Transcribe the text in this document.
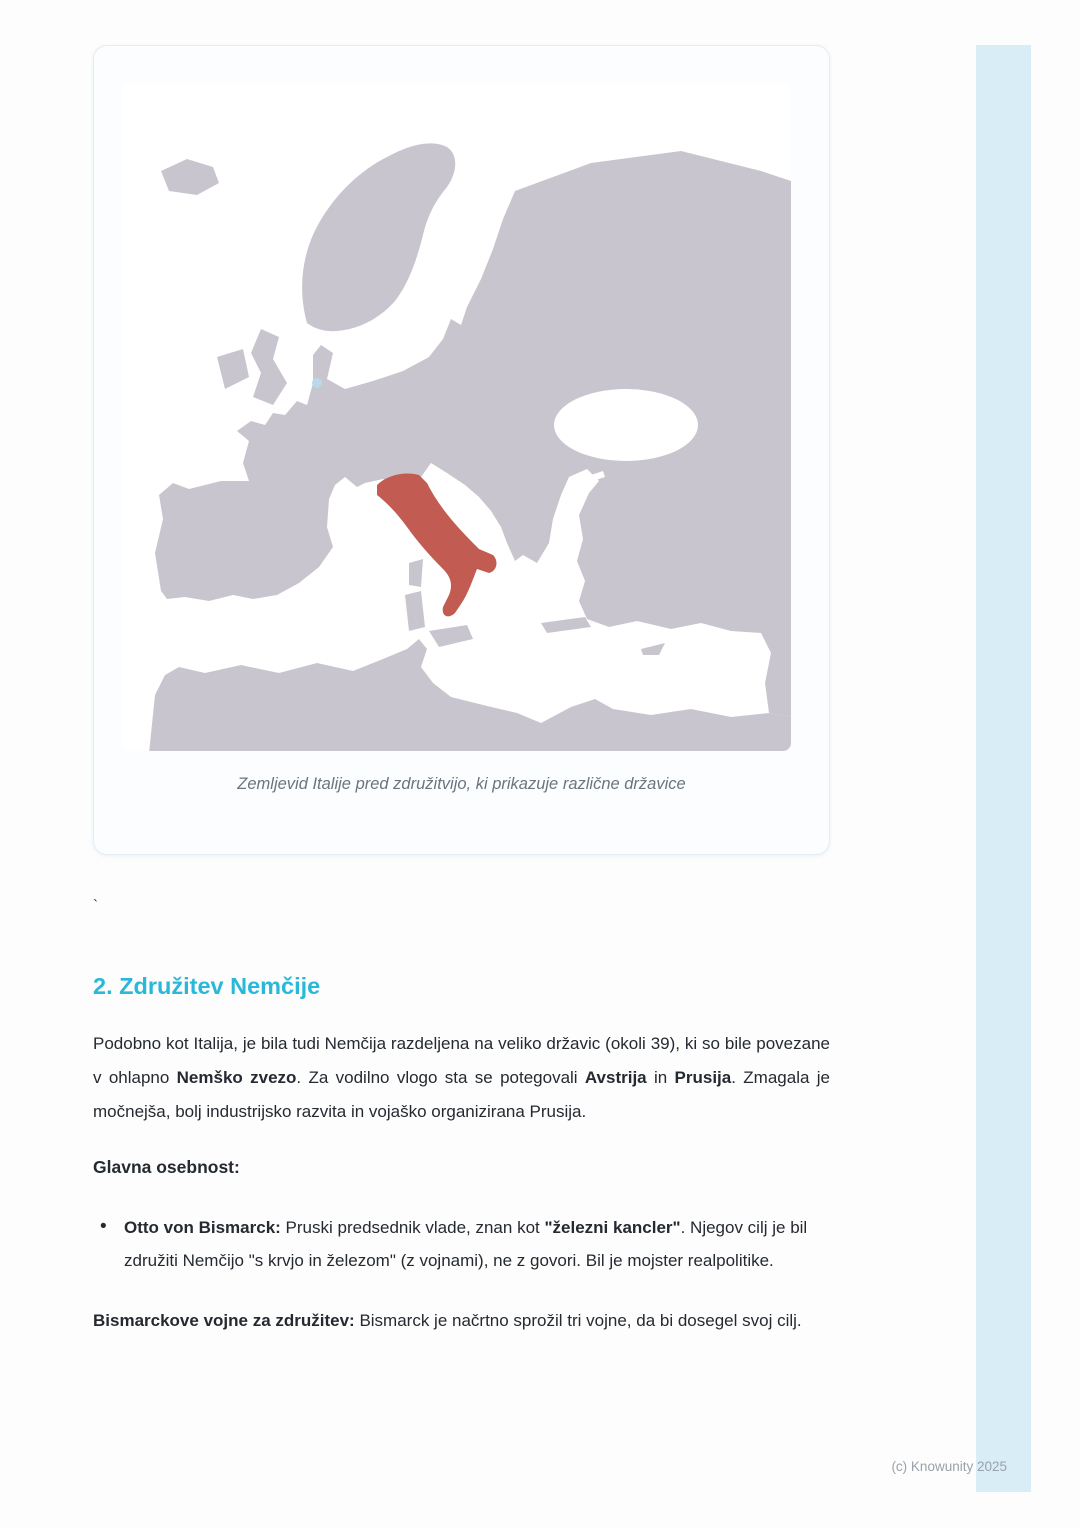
Zemljevid Italije pred združitvijo, ki prikazuje različne državice

`
2. Združitev Nemčije

Podobno kot Italija, je bila tudi Nemčija razdeljena na veliko državic (okoli 39), ki so bile povezane v ohlapno Nemško zvezo. Za vodilno vlogo sta se potegovali Avstrija in Prusija. Zmagala je močnejša, bolj industrijsko razvita in vojaško organizirana Prusija.

Glavna osebnost:

• Otto von Bismarck: Pruski predsednik vlade, znan kot "železni kancler". Njegov cilj je bil združiti Nemčijo "s krvjo in železom" (z vojnami), ne z govori. Bil je mojster realpolitike.

Bismarckove vojne za združitev: Bismarck je načrtno sprožil tri vojne, da bi dosegel svoj cilj.

(c) Knowunity 2025
